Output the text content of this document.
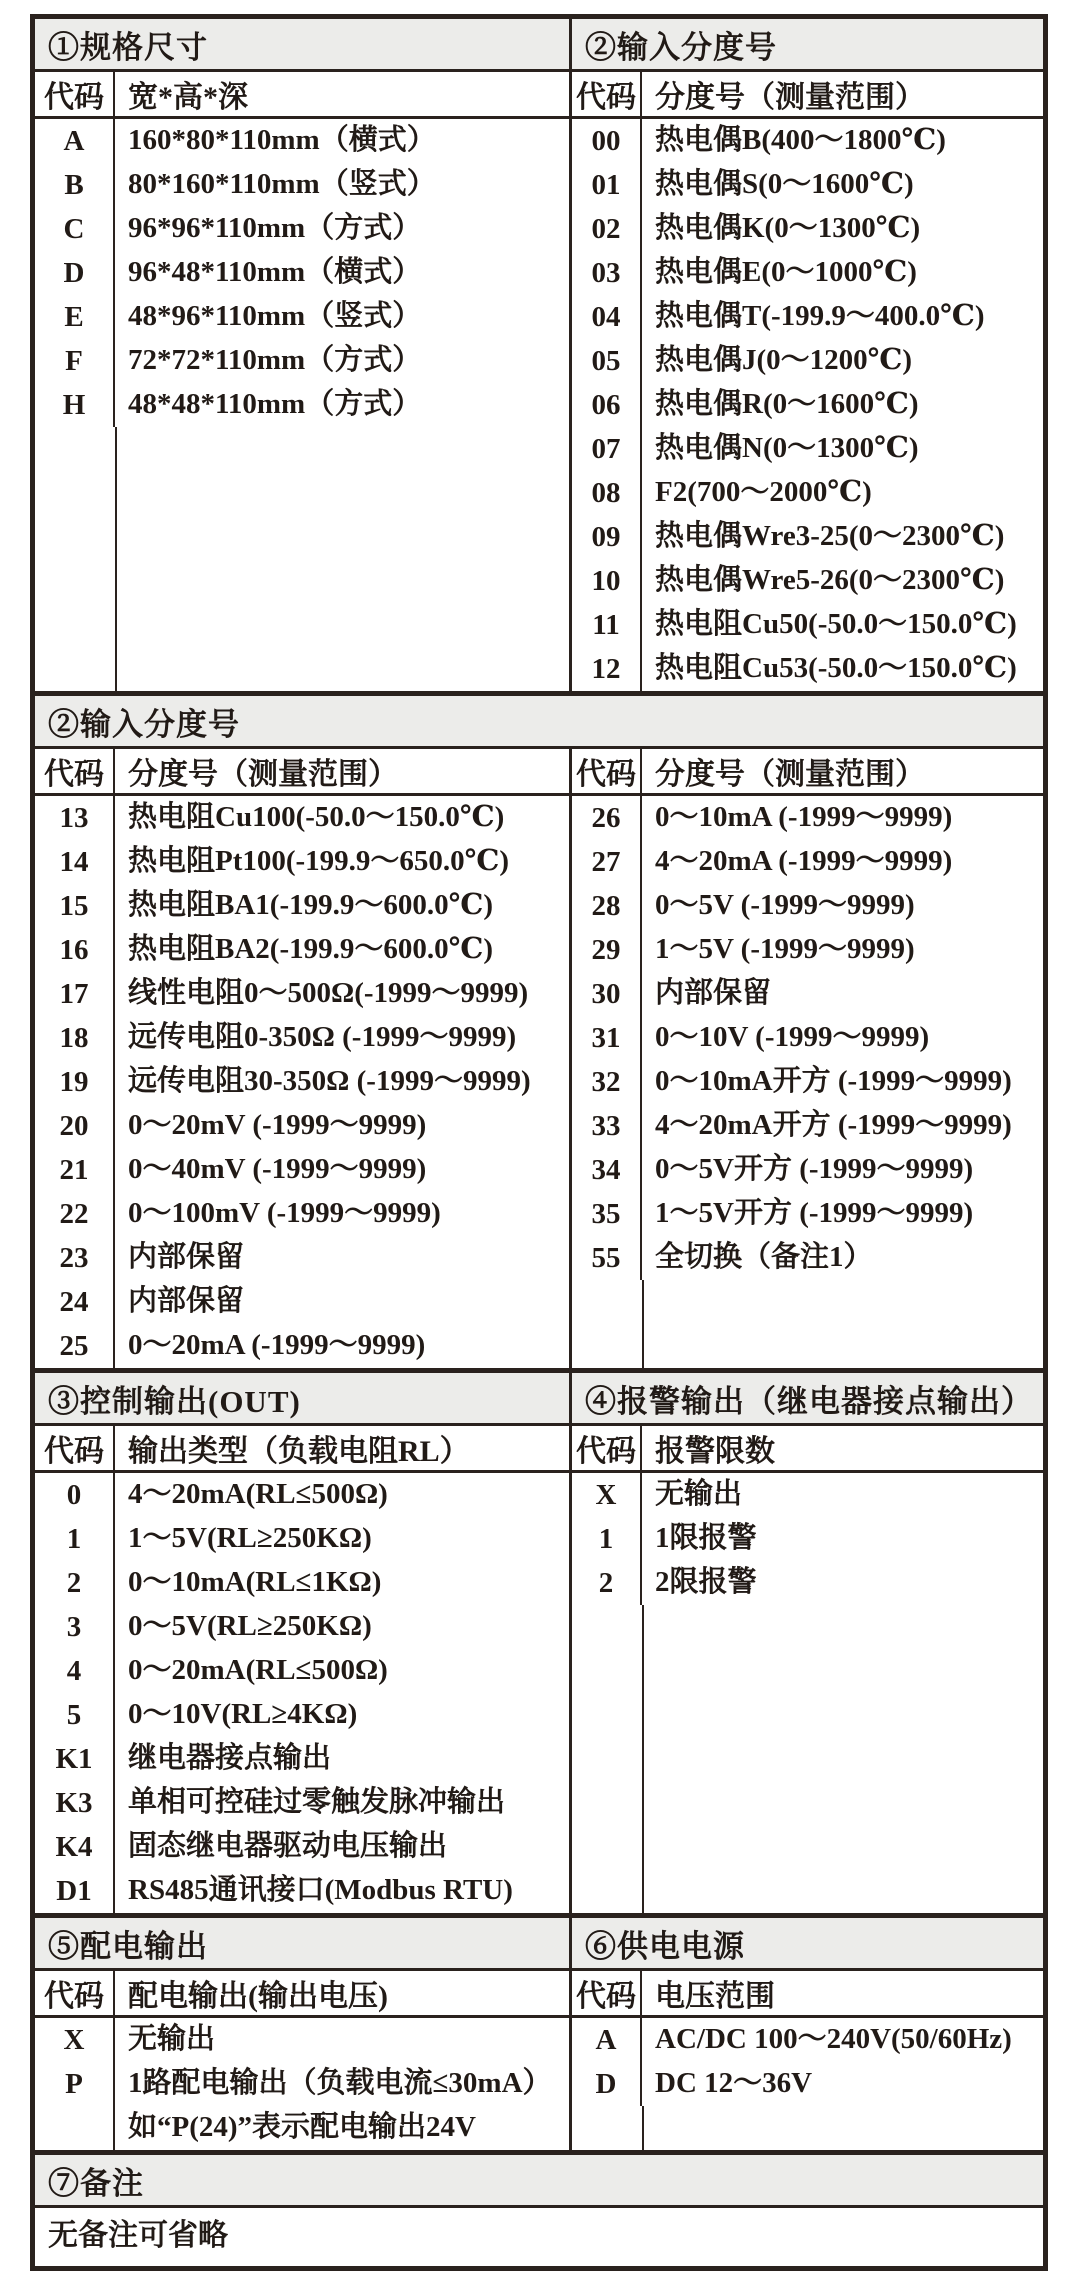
①规格尺寸
代码 宽*高*深
A	160*80*110mm（横式）
B	80*160*110mm（竖式）
C	96*96*110mm（方式）
D	96*48*110mm（横式）
E	48*96*110mm（竖式）
F	72*72*110mm（方式）
H	48*48*110mm（方式）
②输入分度号
代码 分度号（测量范围）
00	热电偶B(400～1800℃)
01	热电偶S(0～1600℃)
02	热电偶K(0～1300℃)
03	热电偶E(0～1000℃)
04	热电偶T(-199.9～400.0℃)
05	热电偶J(0～1200℃)
06	热电偶R(0～1600℃)
07	热电偶N(0～1300℃)
08	F2(700～2000℃)
09	热电偶Wre3-25(0～2300℃)
10	热电偶Wre5-26(0～2300℃)
11	热电阻Cu50(-50.0～150.0℃)
12	热电阻Cu53(-50.0～150.0℃)
②输入分度号
代码 分度号（测量范围）
13	热电阻Cu100(-50.0～150.0℃)
14	热电阻Pt100(-199.9～650.0℃)
15	热电阻BA1(-199.9～600.0℃)
16	热电阻BA2(-199.9～600.0℃)
17	线性电阻0～500Ω(-1999～9999)
18	远传电阻0-350Ω (-1999～9999)
19	远传电阻30-350Ω (-1999～9999)
20	0～20mV (-1999～9999)
21	0～40mV (-1999～9999)
22	0～100mV (-1999～9999)
23	内部保留
24	内部保留
25	0～20mA (-1999～9999)
代码 分度号（测量范围）
26	0～10mA (-1999～9999)
27	4～20mA (-1999～9999)
28	0～5V (-1999～9999)
29	1～5V (-1999～9999)
30	内部保留
31	0～10V (-1999～9999)
32	0～10mA开方 (-1999～9999)
33	4～20mA开方 (-1999～9999)
34	0～5V开方 (-1999～9999)
35	1～5V开方 (-1999～9999)
55	全切换（备注1）
③控制输出(OUT)
代码 输出类型（负载电阻RL）
0	4～20mA(RL≤500Ω)
1	1～5V(RL≥250KΩ)
2	0～10mA(RL≤1KΩ)
3	0～5V(RL≥250KΩ)
4	0～20mA(RL≤500Ω)
5	0～10V(RL≥4KΩ)
K1	继电器接点输出
K3	单相可控硅过零触发脉冲输出
K4	固态继电器驱动电压输出
D1	RS485通讯接口(Modbus RTU)
④报警输出（继电器接点输出）
代码 报警限数
X	无输出
1	1限报警
2	2限报警
⑤配电输出
代码 配电输出(输出电压)
X	无输出
P	1路配电输出（负载电流≤30mA）
如“P(24)”表示配电输出24V
⑥供电电源
代码 电压范围
A	AC/DC 100～240V(50/60Hz)
D	DC 12～36V
⑦备注
无备注可省略
